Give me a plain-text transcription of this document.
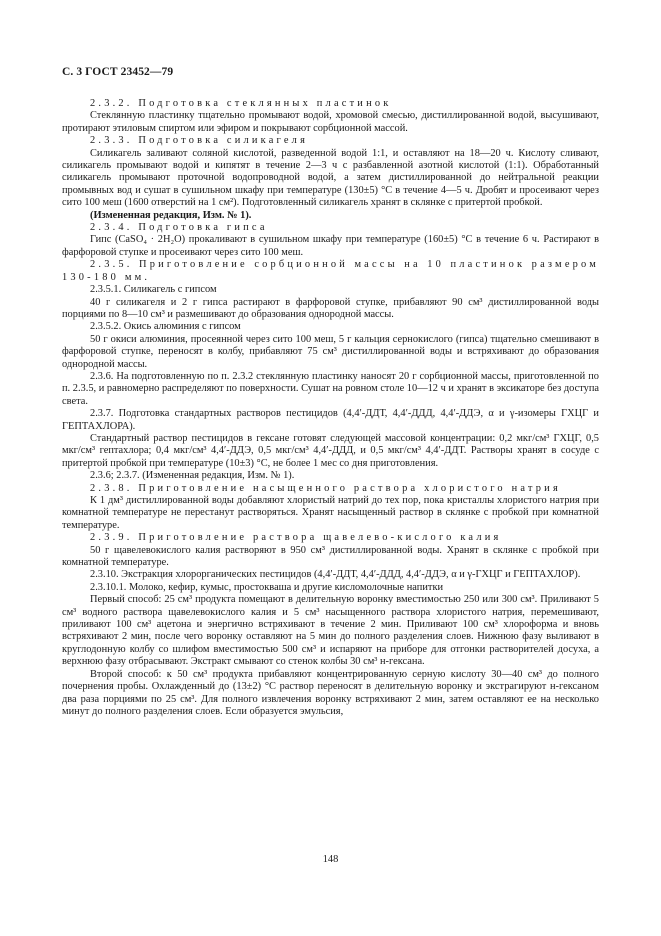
С. 3 ГОСТ 23452—79

2.3.2. Подготовка стеклянных пластинок

Стеклянную пластинку тщательно промывают водой, хромовой смесью, дистиллированной водой, высушивают, протирают этиловым спиртом или эфиром и покрывают сорбционной массой.

2.3.3. Подготовка силикагеля

Силикагель заливают соляной кислотой, разведенной водой 1:1, и оставляют на 18—20 ч. Кислоту сливают, силикагель промывают водой и кипятят в течение 2—3 ч с разбавленной азотной кислотой (1:1). Обработанный силикагель промывают проточной водопроводной водой, а затем дистиллированной до нейтральной реакции промывных вод и сушат в сушильном шкафу при температуре (130±5) °С в течение 4—5 ч. Дробят и просеивают через сито 100 меш (1600 отверстий на 1 см²). Подготовленный силикагель хранят в склянке с притертой пробкой.

(Измененная редакция, Изм. № 1).

2.3.4. Подготовка гипса

Гипс (CaSO₄ · 2H₂O) прокаливают в сушильном шкафу при температуре (160±5) °С в течение 6 ч. Растирают в фарфоровой ступке и просеивают через сито 100 меш.

2.3.5. Приготовление сорбционной массы на 10 пластинок размером 130-180 мм.

2.3.5.1. Силикагель с гипсом

40 г силикагеля и 2 г гипса растирают в фарфоровой ступке, прибавляют 90 см³ дистиллированной воды порциями по 8—10 см³ и размешивают до образования однородной массы.

2.3.5.2. Окись алюминия с гипсом

50 г окиси алюминия, просеянной через сито 100 меш, 5 г кальция сернокислого (гипса) тщательно смешивают в фарфоровой ступке, переносят в колбу, прибавляют 75 см³ дистиллированной воды и встряхивают до образования однородной массы.

2.3.6. На подготовленную по п. 2.3.2 стеклянную пластинку наносят 20 г сорбционной массы, приготовленной по п. 2.3.5, и равномерно распределяют по поверхности. Сушат на ровном столе 10—12 ч и хранят в эксикаторе без доступа света.

2.3.7. Подготовка стандартных растворов пестицидов (4,4′-ДДТ, 4,4′-ДДД, 4,4′-ДДЭ, α и γ-изомеры ГХЦГ и ГЕПТАХЛОРА).

Стандартный раствор пестицидов в гексане готовят следующей массовой концентрации: 0,2 мкг/см³ ГХЦГ, 0,5 мкг/см³ гептахлора; 0,4 мкг/см³ 4,4′-ДДЭ, 0,5 мкг/см³ 4,4′-ДДД, и 0,5 мкг/см³ 4,4′-ДДТ. Растворы хранят в сосуде с притертой пробкой при температуре (10±3) °С, не более 1 мес со дня приготовления.

2.3.6; 2.3.7. (Измененная редакция, Изм. № 1).

2.3.8. Приготовление насыщенного раствора хлористого натрия

К 1 дм³ дистиллированной воды добавляют хлористый натрий до тех пор, пока кристаллы хлористого натрия при комнатной температуре не перестанут растворяться. Хранят насыщенный раствор в склянке с пробкой при комнатной температуре.

2.3.9. Приготовление раствора щавелево-кислого калия

50 г щавелевокислого калия растворяют в 950 см³ дистиллированной воды. Хранят в склянке с пробкой при комнатной температуре.

2.3.10. Экстракция хлорорганических пестицидов (4,4′-ДДТ, 4,4′-ДДД, 4,4′-ДДЭ, α и γ-ГХЦГ и ГЕПТАХЛОР).

2.3.10.1. Молоко, кефир, кумыс, простокваша и другие кисломолочные напитки

Первый способ: 25 см³ продукта помещают в делительную воронку вместимостью 250 или 300 см³. Приливают 5 см³ водного раствора щавелевокислого калия и 5 см³ насыщенного раствора хлористого натрия, перемешивают, приливают 100 см³ ацетона и энергично встряхивают в течение 2 мин. Приливают 100 см³ хлороформа и вновь встряхивают 2 мин, после чего воронку оставляют на 5 мин до полного разделения слоев. Нижнюю фазу выливают в круглодонную колбу со шлифом вместимостью 500 см³ и испаряют на приборе для отгонки растворителей досуха, а верхнюю фазу отбрасывают. Экстракт смывают со стенок колбы 30 см³ н-гексана.

Второй способ: к 50 см³ продукта прибавляют концентрированную серную кислоту 30—40 см³ до полного почернения пробы. Охлажденный до (13±2) °С раствор переносят в делительную воронку и экстрагируют н-гексаном два раза порциями по 25 см³. Для полного извлечения воронку встряхивают 2 мин, затем оставляют ее на несколько минут до полного разделения слоев. Если образуется эмульсия,

148
